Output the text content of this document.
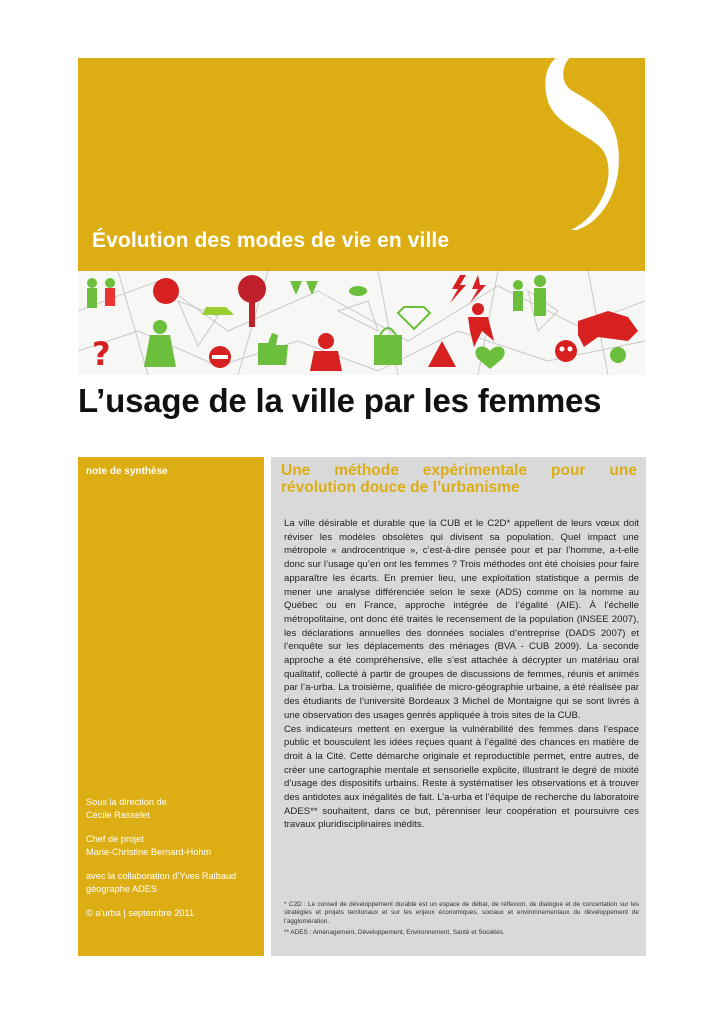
Évolution des modes de vie en ville
?
L’usage de la ville par les femmes
note de synthèse
Sous la direction de
Cécile Rasselet
Chef de projet
Marie-Christine Bernard-Hohm
avec la collaboration d’Yves Raibaud
géographe ADES
© a’urba | septembre 2011
Une méthode expérimentale pour une révolution douce de l’urbanisme

La ville désirable et durable que la CUB et le C2D* appellent de leurs vœux doit réviser les modèles obsolètes qui divisent sa population. Quel impact une métropole « androcentrique », c’est-à-dire pensée pour et par l’homme, a-t-elle donc sur l’usage qu’en ont les femmes ? Trois méthodes ont été choisies pour faire apparaître les écarts. En premier lieu, une exploitation statistique a permis de mener une analyse différenciée selon le sexe (ADS) comme on la nomme au Québec ou en France, approche intégrée de l’égalité (AIE). À l’échelle métropolitaine, ont donc été traités le recensement de la population (INSEE 2007), les déclarations annuelles des données sociales d’entreprise (DADS 2007) et l’enquête sur les déplacements des ménages (BVA - CUB 2009). La seconde approche a été compréhensive, elle s’est attachée à décrypter un matériau oral qualitatif, collecté à partir de groupes de discussions de femmes, réunis et animés par l’a-urba. La troisième, qualifiée de micro-géographie urbaine, a été réalisée par des étudiants de l’université Bordeaux 3 Michel de Montaigne qui se sont livrés à une observation des usages genrés appliquée à trois sites de la CUB.

Ces indicateurs mettent en exergue la vulnérabilité des femmes dans l’espace public et bousculent les idées reçues quant à l’égalité des chances en matière de droit à la Cité. Cette démarche originale et reproductible permet, entre autres, de créer une cartographie mentale et sensorielle explicite, illustrant le degré de mixité d’usage des dispositifs urbains. Reste à systématiser les observations et à trouver des antidotes aux inégalités de fait. L’a-urba et l’équipe de recherche du laboratoire ADES** souhaitent, dans ce but, pérenniser leur coopération et poursuivre ces travaux pluridisciplinaires inédits.

* C2D : Le conseil de développement durable est un espace de débat, de réflexion, de dialogue et de concertation sur les stratégies et projets territoriaux et sur les enjeux économiques, sociaux et environnementaux du développement de l’agglomération.

** ADES : Aménagement, Développement, Environnement, Santé et Sociétés.
